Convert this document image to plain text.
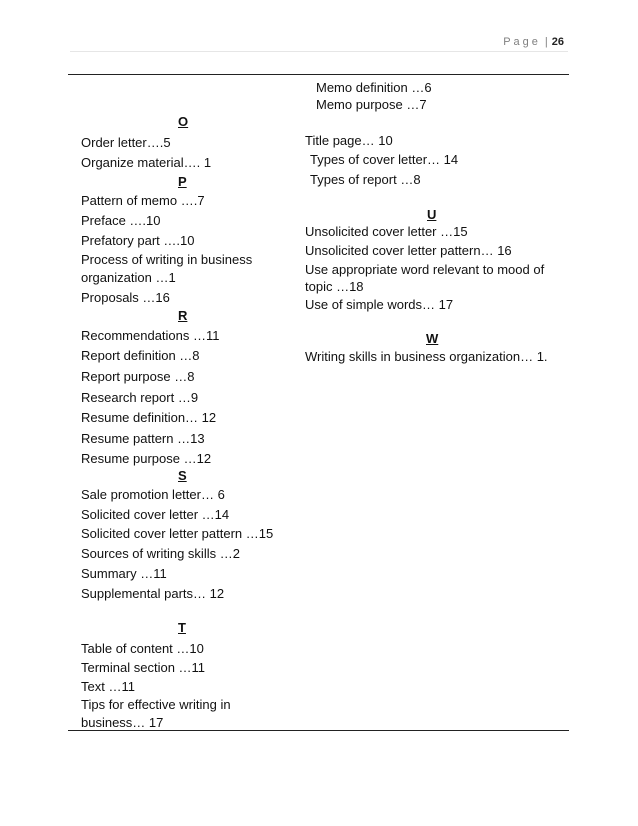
Page | 26
O
Order letter….5
Organize material…. 1
P
Pattern of memo ….7
Preface ….10
Prefatory part ….10
Process of writing in business
organization …1
Proposals …16
R
Recommendations …11
Report definition …8
Report purpose …8
Research report …9
Resume definition… 12
Resume pattern …13
Resume purpose …12
S
Sale promotion letter… 6
Solicited cover letter …14
Solicited cover letter pattern …15
Sources of writing skills …2
Summary …11
Supplemental parts… 12
T
Table of content …10
Terminal section …11
Text …11
Tips for effective writing in
business… 17
Memo definition …6
Memo purpose …7
Title page… 10
Types of cover letter… 14
Types of report …8
U
Unsolicited cover letter …15
Unsolicited cover letter pattern… 16
Use appropriate word relevant to mood of
topic …18
Use of simple words… 17
W
Writing skills in business organization… 1.
